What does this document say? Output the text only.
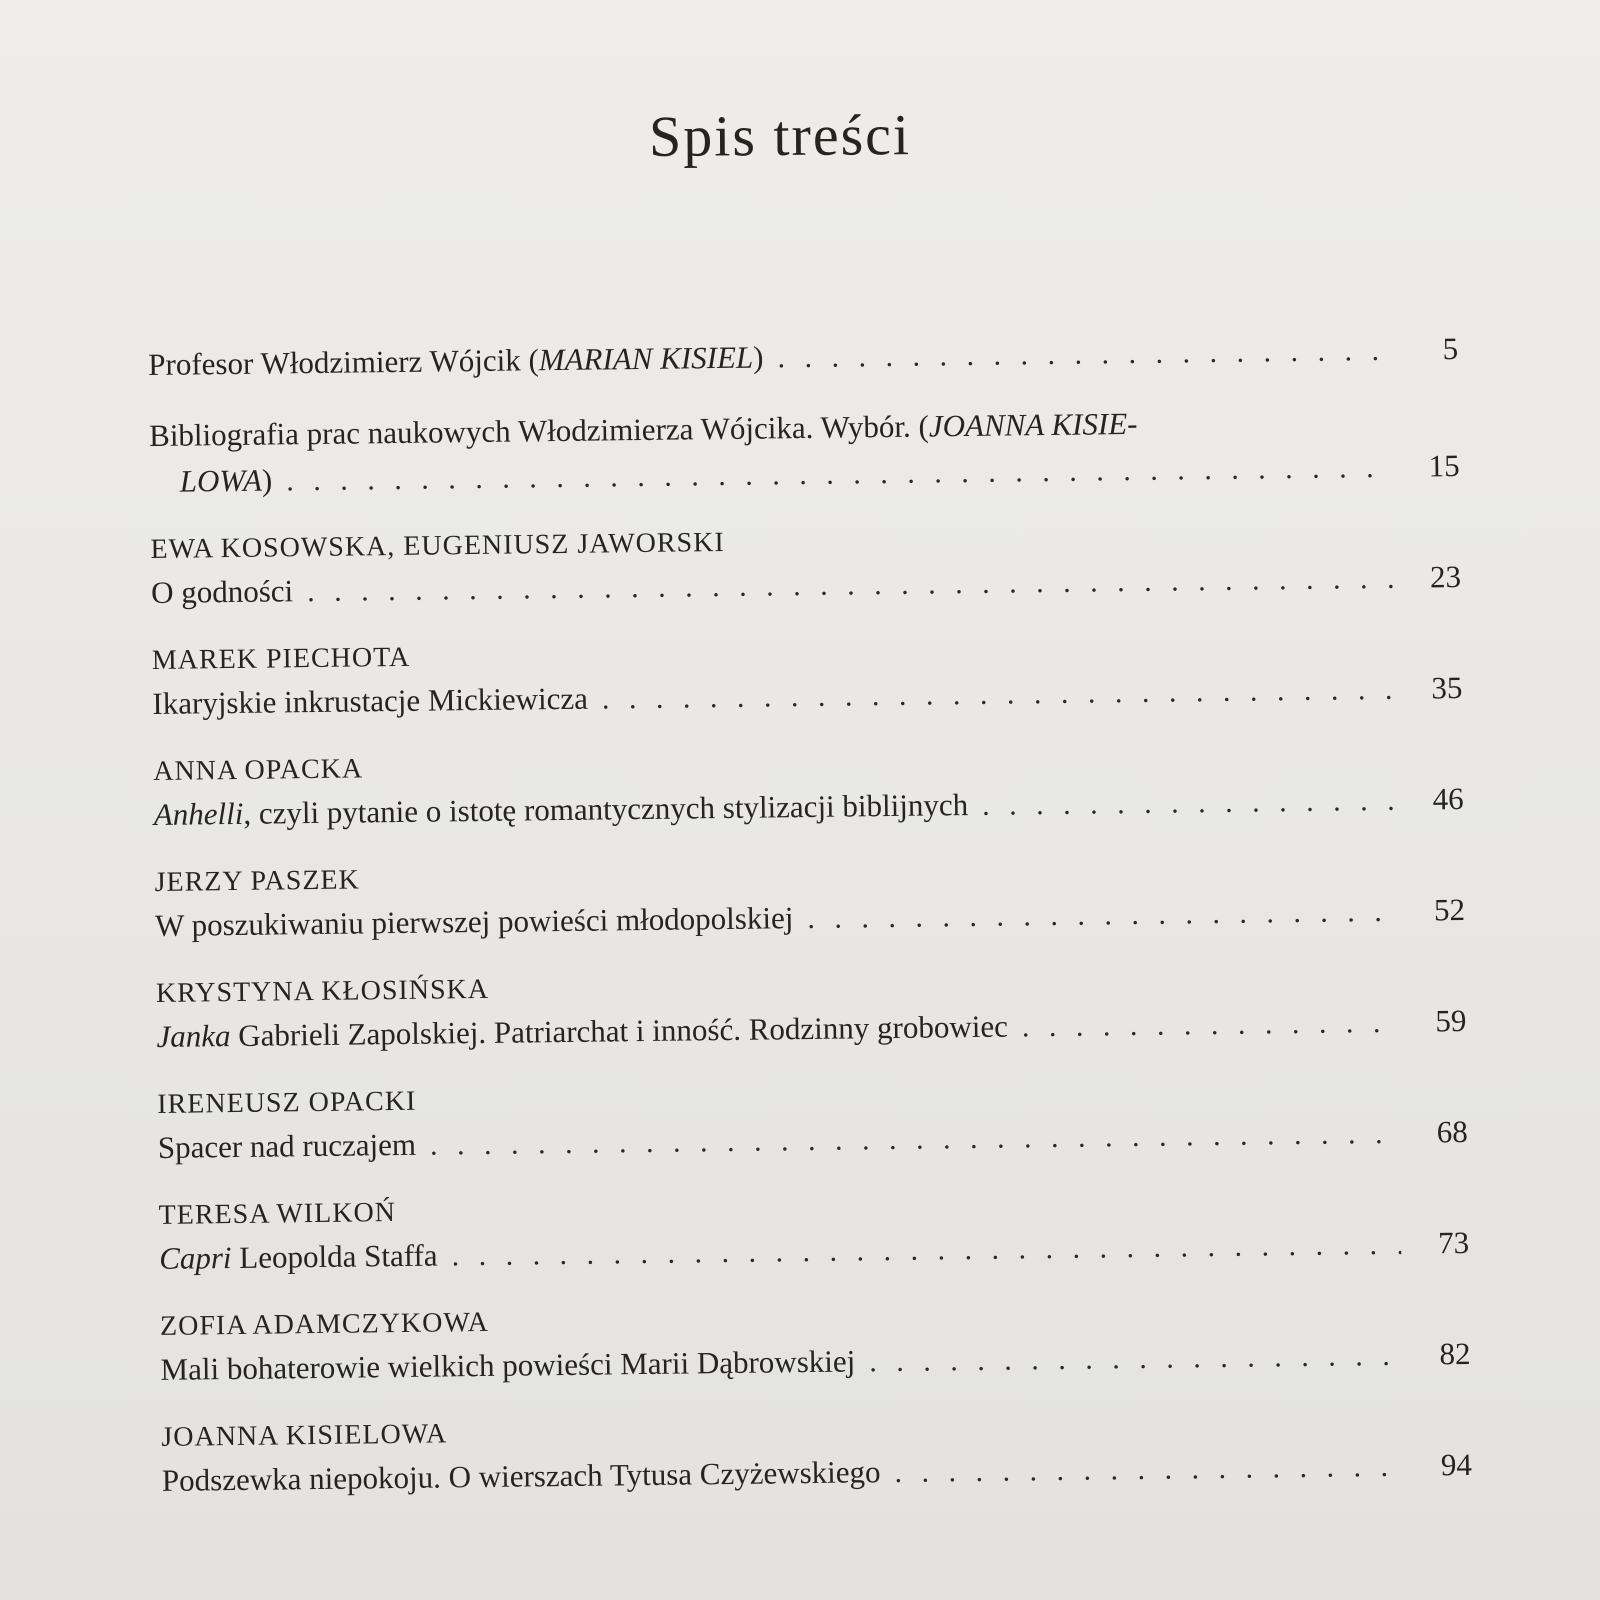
Spis treści
Profesor Włodzimierz Wójcik (MARIAN KISIEL) . . .	5
Bibliografia prac naukowych Włodzimierza Wójcika. Wybór. (JOANNA KISIE-
LOWA) . . .	15
EWA KOSOWSKA, EUGENIUSZ JAWORSKI
O godności . . .	23
MAREK PIECHOTA
Ikaryjskie inkrustacje Mickiewicza . . .	35
ANNA OPACKA
Anhelli, czyli pytanie o istotę romantycznych stylizacji biblijnych . . .	46
JERZY PASZEK
W poszukiwaniu pierwszej powieści młodopolskiej . . .	52
KRYSTYNA KŁOSIŃSKA
Janka Gabrieli Zapolskiej. Patriarchat i inność. Rodzinny grobowiec . . .	59
IRENEUSZ OPACKI
Spacer nad ruczajem . . .	68
TERESA WILKOŃ
Capri Leopolda Staffa . . .	73
ZOFIA ADAMCZYKOWA
Mali bohaterowie wielkich powieści Marii Dąbrowskiej . . .	82
JOANNA KISIELOWA
Podszewka niepokoju. O wierszach Tytusa Czyżewskiego . . .	94
